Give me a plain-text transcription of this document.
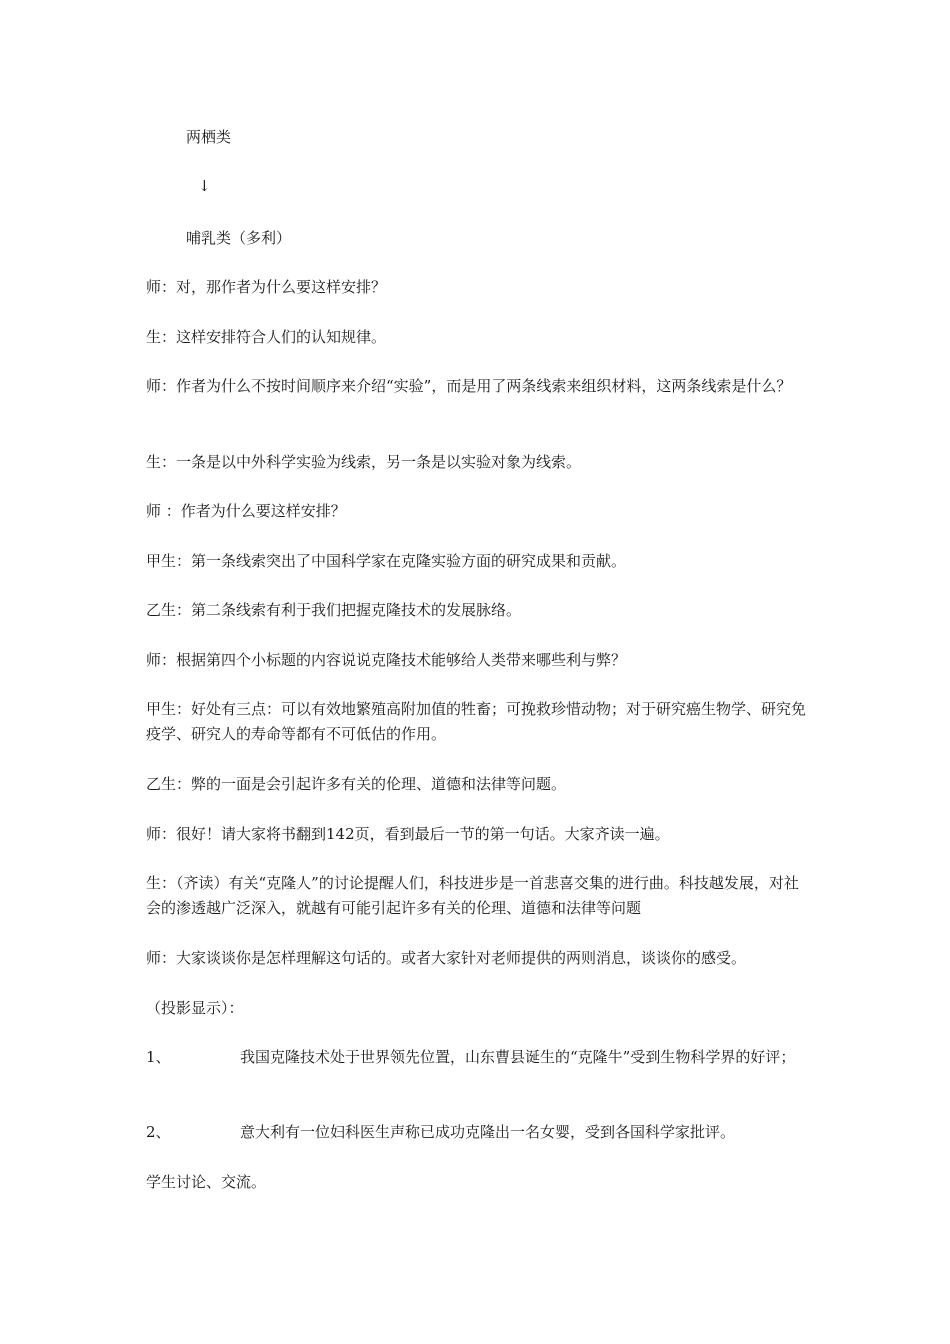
两栖类
↓
哺乳类（多利）
师：对，那作者为什么要这样安排？
生：这样安排符合人们的认知规律。
师：作者为什么不按时间顺序来介绍“实验”，而是用了两条线索来组织材料，这两条线索是什么？
生：一条是以中外科学实验为线索，另一条是以实验对象为线索。
师 ：作者为什么要这样安排？
甲生：第一条线索突出了中国科学家在克隆实验方面的研究成果和贡献。
乙生：第二条线索有利于我们把握克隆技术的发展脉络。
师：根据第四个小标题的内容说说克隆技术能够给人类带来哪些利与弊？
甲生：好处有三点：可以有效地繁殖高附加值的牲畜；可挽救珍惜动物；对于研究癌生物学、研究免疫学、研究人的寿命等都有不可低估的作用。
乙生：弊的一面是会引起许多有关的伦理、道德和法律等问题。
师：很好！请大家将书翻到142页，看到最后一节的第一句话。大家齐读一遍。
生：（齐读）有关“克隆人”的讨论提醒人们，科技进步是一首悲喜交集的进行曲。科技越发展，对社会的渗透越广泛深入，就越有可能引起许多有关的伦理、道德和法律等问题
师：大家谈谈你是怎样理解这句话的。或者大家针对老师提供的两则消息，谈谈你的感受。
（投影显示）：
1、	我国克隆技术处于世界领先位置，山东曹县诞生的“克隆牛”受到生物科学界的好评；
2、	意大利有一位妇科医生声称已成功克隆出一名女婴，受到各国科学家批评。
学生讨论、交流。
